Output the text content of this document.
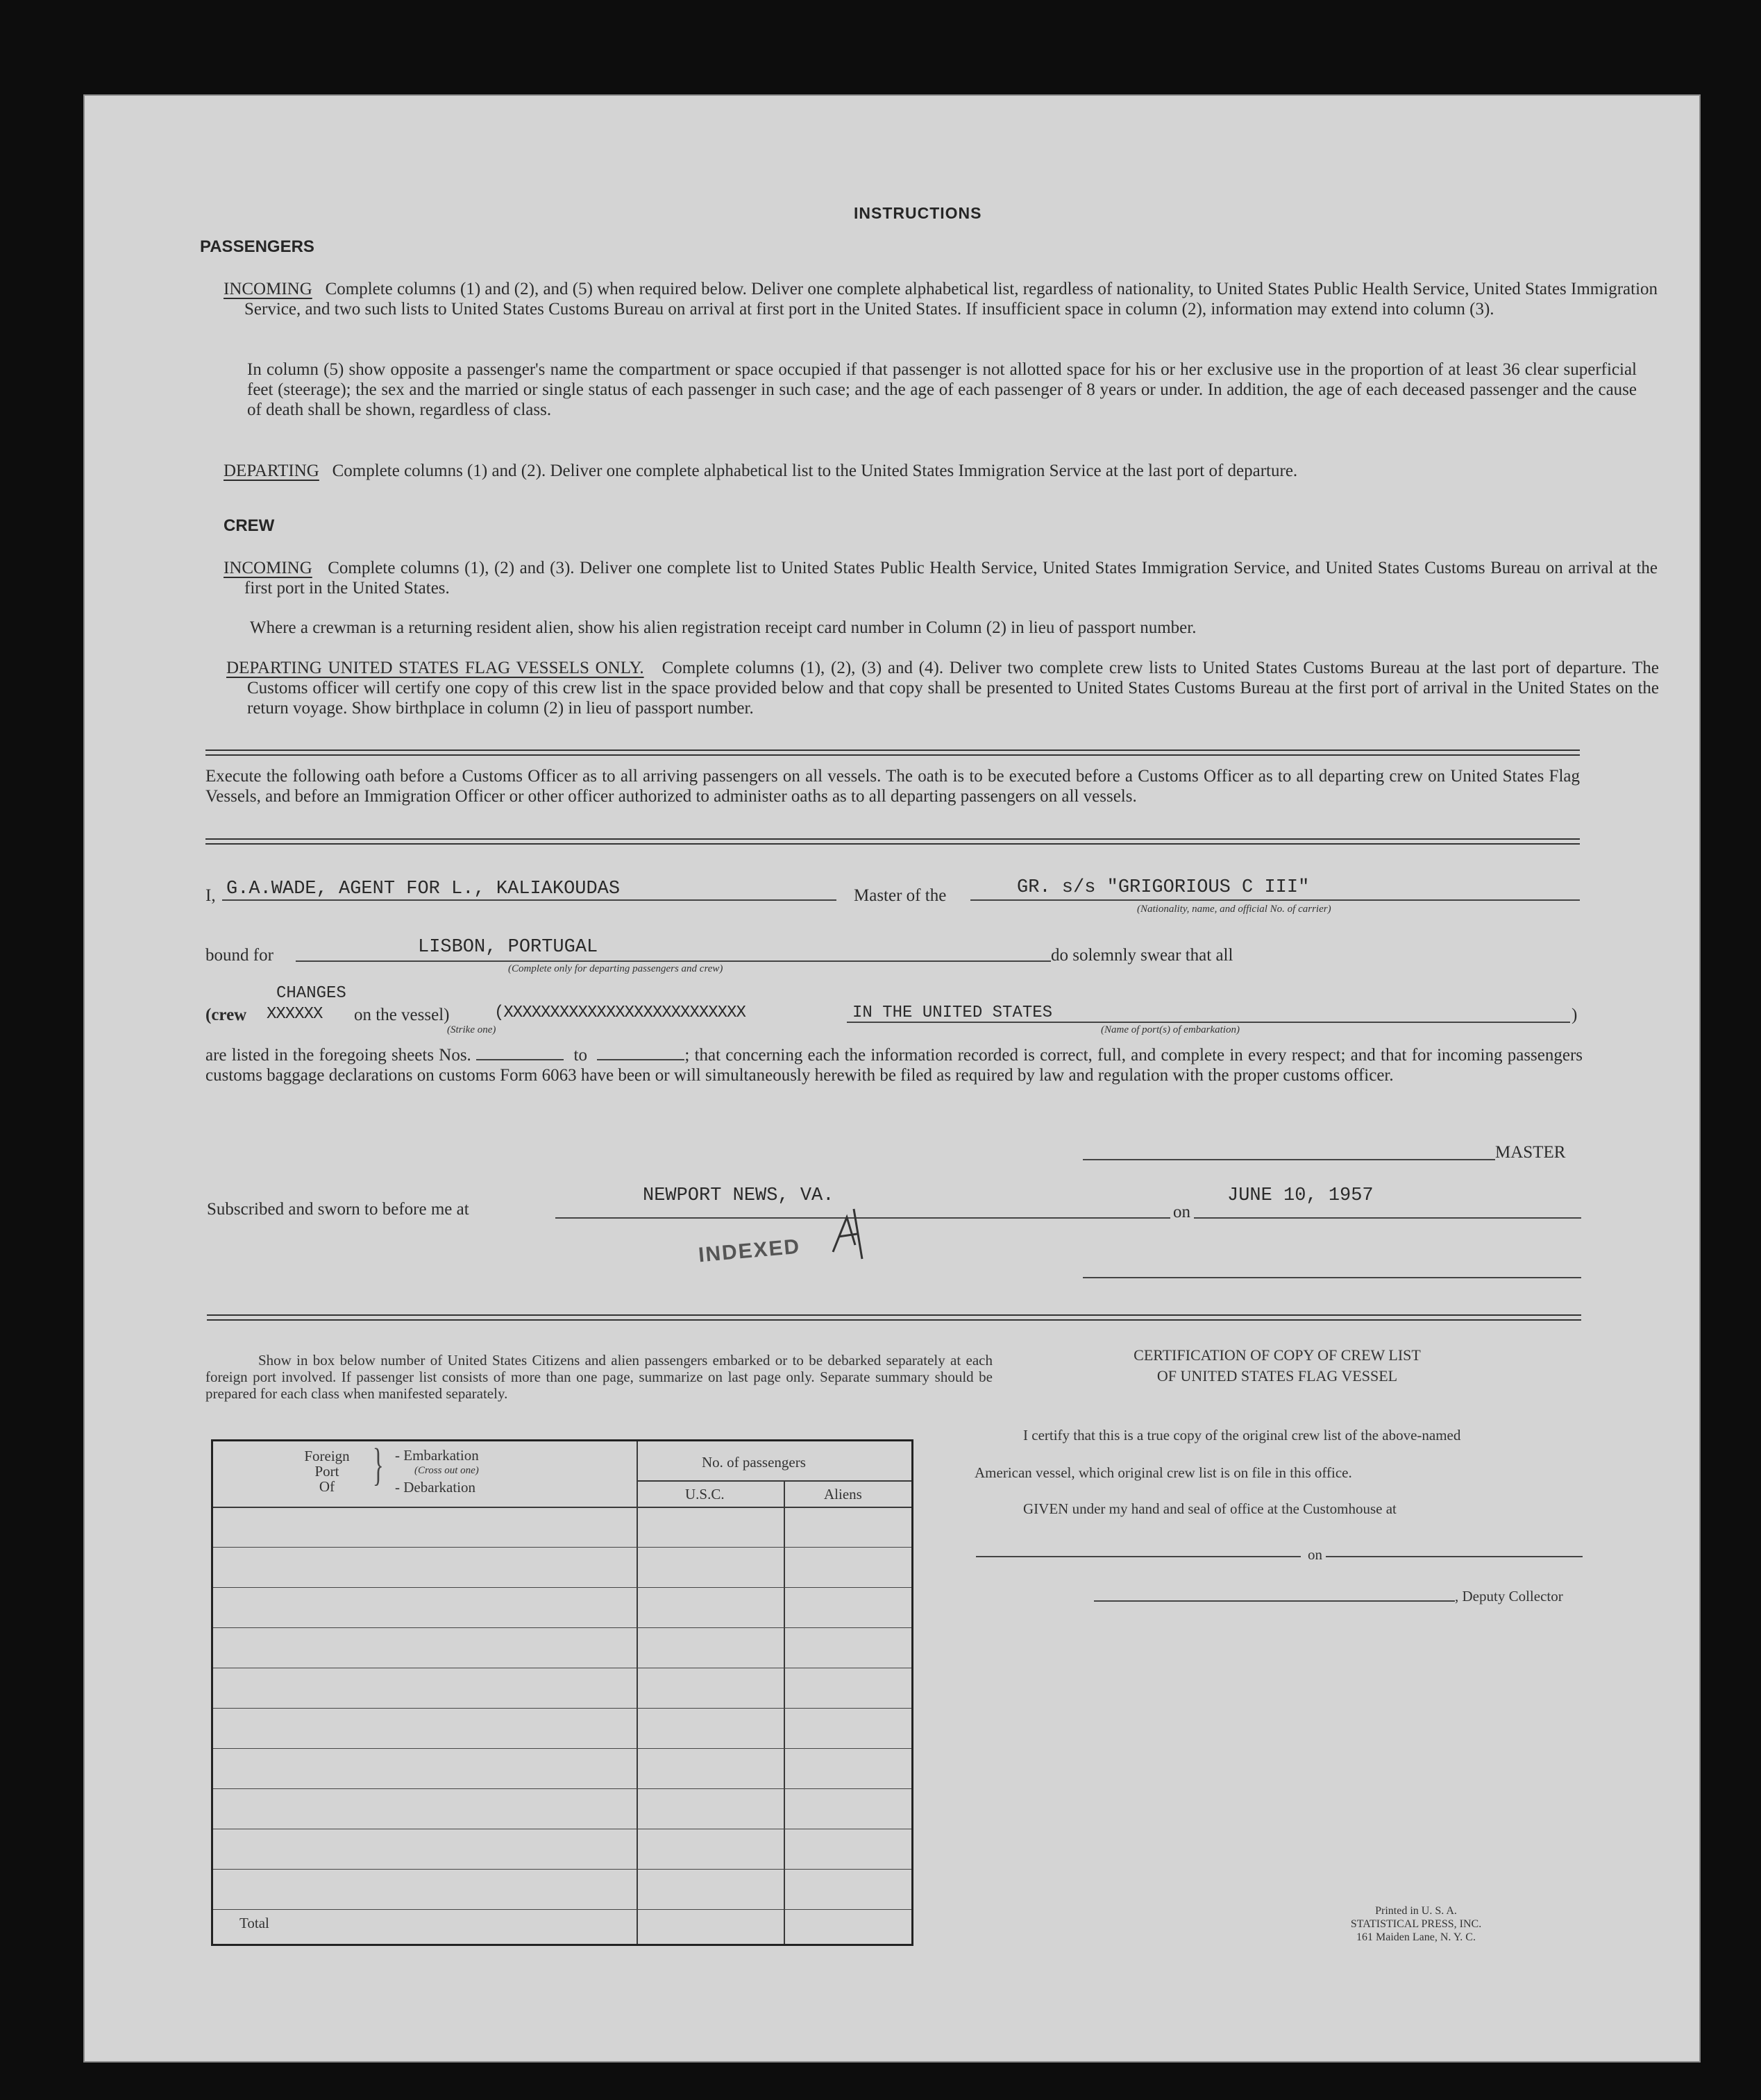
INSTRUCTIONS
PASSENGERS
INCOMING Complete columns (1) and (2), and (5) when required below. Deliver one complete alphabetical list, regardless of nationality, to United States Public Health Service, United States Immigration Service, and two such lists to United States Customs Bureau on arrival at first port in the United States. If insufficient space in column (2), information may extend into column (3).
In column (5) show opposite a passenger's name the compartment or space occupied if that passenger is not allotted space for his or her exclusive use in the proportion of at least 36 clear superficial feet (steerage); the sex and the married or single status of each passenger in such case; and the age of each passenger of 8 years or under. In addition, the age of each deceased passenger and the cause of death shall be shown, regardless of class.
DEPARTING Complete columns (1) and (2). Deliver one complete alphabetical list to the United States Immigration Service at the last port of departure.
CREW
INCOMING Complete columns (1), (2) and (3). Deliver one complete list to United States Public Health Service, United States Immigration Service, and United States Customs Bureau on arrival at the first port in the United States.
Where a crewman is a returning resident alien, show his alien registration receipt card number in Column (2) in lieu of passport number.
DEPARTING UNITED STATES FLAG VESSELS ONLY. Complete columns (1), (2), (3) and (4). Deliver two complete crew lists to United States Customs Bureau at the last port of departure. The Customs officer will certify one copy of this crew list in the space provided below and that copy shall be presented to United States Customs Bureau at the first port of arrival in the United States on the return voyage. Show birthplace in column (2) in lieu of passport number.
Execute the following oath before a Customs Officer as to all arriving passengers on all vessels. The oath is to be executed before a Customs Officer as to all departing crew on United States Flag Vessels, and before an Immigration Officer or other officer authorized to administer oaths as to all departing passengers on all vessels.
I, G.A.WADE, AGENT FOR L., KALIAKOUDAS	Master of the	GR. s/s "GRIGORIOUS C III"
(Nationality, name, and official No. of carrier)
bound for	LISBON, PORTUGAL
(Complete only for departing passengers and crew)
do solemnly swear that all
CHANGES
(crew XXXXXX on the vessel)	(XXXXXXXXXXXXXXXXXXXXXXXXXX	IN THE UNITED STATES	)
(Strike one)	(Name of port(s) of embarkation)
are listed in the foregoing sheets Nos.	to	; that concerning each the information recorded is correct, full, and complete in every respect; and that for incoming passengers customs baggage declarations on customs Form 6063 have been or will simultaneously herewith be filed as required by law and regulation with the proper customs officer.
MASTER
Subscribed and sworn to before me at
NEWPORT NEWS, VA.
on
JUNE 10, 1957
INDEXED
Show in box below number of United States Citizens and alien passengers embarked or to be debarked separately at each foreign port involved. If passenger list consists of more than one page, summarize on last page only. Separate summary should be prepared for each class when manifested separately.
Foreign
Port
Of } - Embarkation
(Cross out one)
- Debarkation
No. of passengers
U.S.C.	Aliens
Total
CERTIFICATION OF COPY OF CREW LIST
OF UNITED STATES FLAG VESSEL
I certify that this is a true copy of the original crew list of the above-named
American vessel, which original crew list is on file in this office.
GIVEN under my hand and seal of office at the Customhouse at
on
, Deputy Collector
Printed in U. S. A.
STATISTICAL PRESS, INC.
161 Maiden Lane, N. Y. C.
